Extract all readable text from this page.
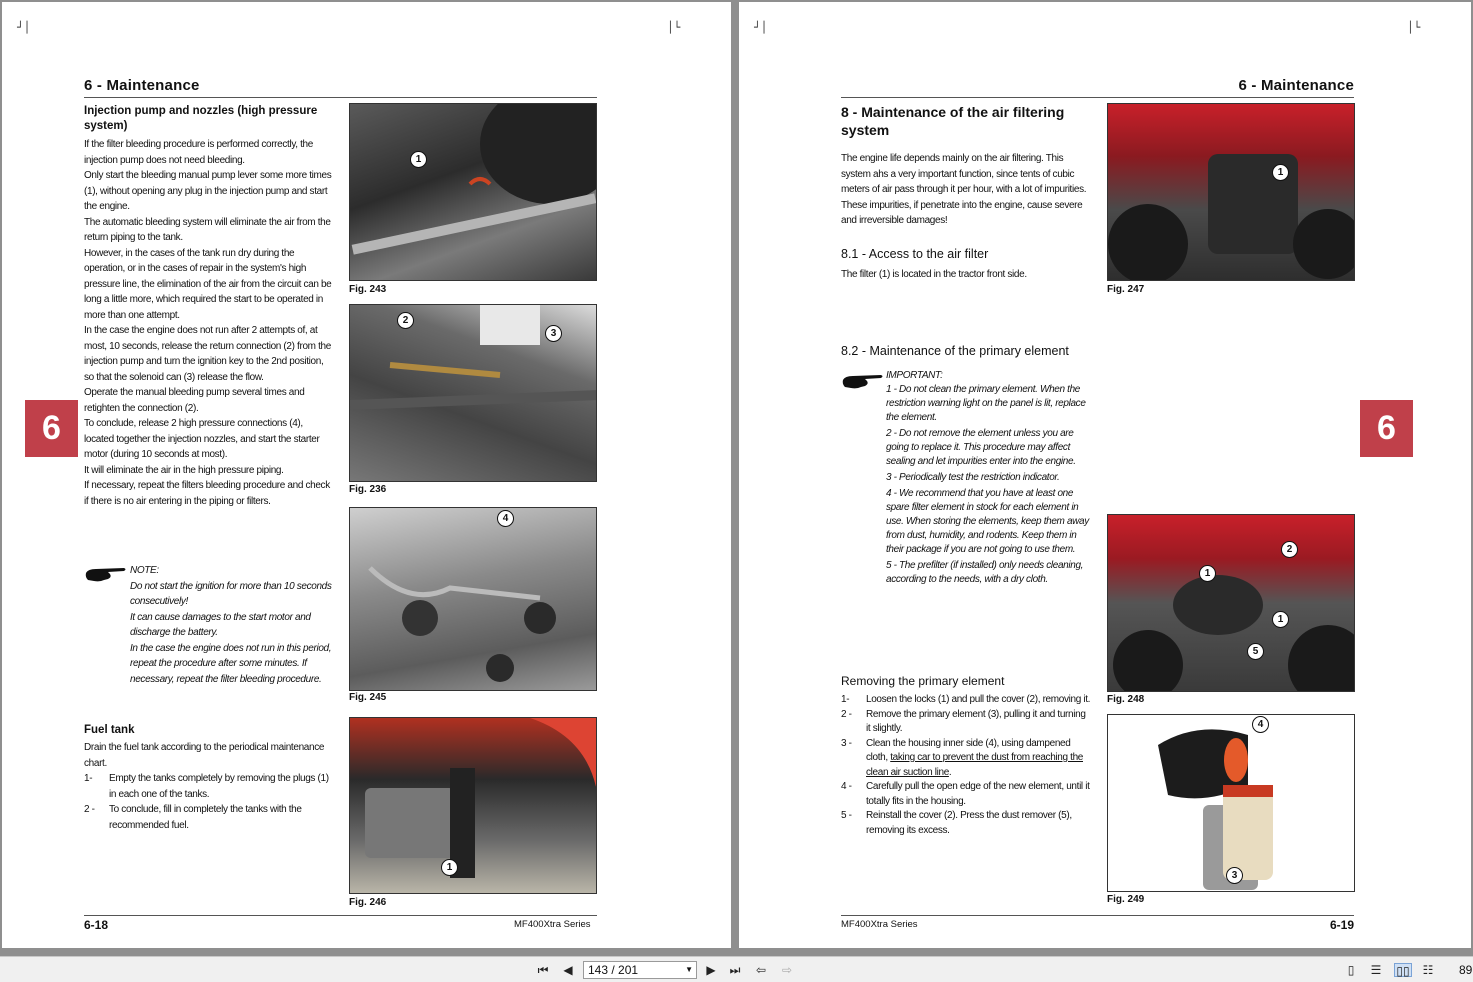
┘│	│└
6 - Maintenance
Injection pump and nozzles (high pressure system)

If the filter bleeding procedure is performed correctly, the injection pump does not need bleeding.

Only start the bleeding manual pump lever some more times (1), without opening any plug in the injection pump and start the engine.

The automatic bleeding system will eliminate the air from the return piping to the tank.

However, in the cases of the tank run dry during the operation, or in the cases of repair in the system's high pressure line, the elimination of the air from the circuit can be long a little more, which required the start to be operated in more than one attempt.

In the case the engine does not run after 2 attempts of, at most, 10 seconds, release the return connection (2) from the injection pump and turn the ignition key to the 2nd position, so that the solenoid can (3) release the flow.

Operate the manual bleeding pump several times and retighten the connection (2).

To conclude, release 2 high pressure connections (4), located together the injection nozzles, and start the starter motor (during 10 seconds at most).

It will eliminate the air in the high pressure piping.

If necessary, repeat the filters bleeding procedure and check if there is no air entering in the piping or filters.

NOTE:

Do not start the ignition for more than 10 seconds consecutively!

It can cause damages to the start motor and discharge the battery.

In the case the engine does not run in this period, repeat the procedure after some minutes. If necessary, repeat the filter bleeding procedure.

Fuel tank

Drain the fuel tank according to the periodical maintenance chart.

1-	Empty the tanks completely by removing the plugs (1) in each one of the tanks.
2 -	To conclude, fill in completely the tanks with the recommended fuel.
1
Fig. 243
2
3
Fig. 236
4
Fig. 245
1
Fig. 246
6
6-18	MF400Xtra Series
┘│	│└
6 - Maintenance
8 - Maintenance of the air filtering system

The engine life depends mainly on the air filtering. This system ahs a very important function, since tents of cubic meters of air pass through it per hour, with a lot of impurities.

These impurities, if penetrate into the engine, cause severe and irreversible damages!

8.1 - Access to the air filter
The filter (1) is located in the tractor front side.
8.2 - Maintenance of the primary element

IMPORTANT:

1 - Do not clean the primary element. When the restriction warning light on the panel is lit, replace the element.

2 - Do not remove the element unless you are going to replace it. This procedure may affect sealing and let impurities enter into the engine.

3 - Periodically test the restriction indicator.

4 - We recommend that you have at least one spare filter element in stock for each element in use. When storing the elements, keep them away from dust, humidity, and rodents. Keep them in their package if you are not going to use them.

5 - The prefilter (if installed) only needs cleaning, according to the needs, with a dry cloth.

Removing the primary element
1-	Loosen the locks (1) and pull the cover (2), removing it.
2 -	Remove the primary element (3), pulling it and turning it slightly.
3 -	Clean the housing inner side (4), using dampened cloth, taking car to prevent the dust from reaching the clean air suction line.
4 -	Carefully pull the open edge of the new element, until it totally fits in the housing.
5 -	Reinstall the cover (2). Press the dust remover (5), removing its excess.
1
Fig. 247
2
1
1
5
Fig. 248
4
3
Fig. 249
6
MF400Xtra Series	6-19
⏮ ◀	143 / 201	▼ ▶ ⏭ ⇦ ⇨	▯	☰ ▯▯ ☷ 89
